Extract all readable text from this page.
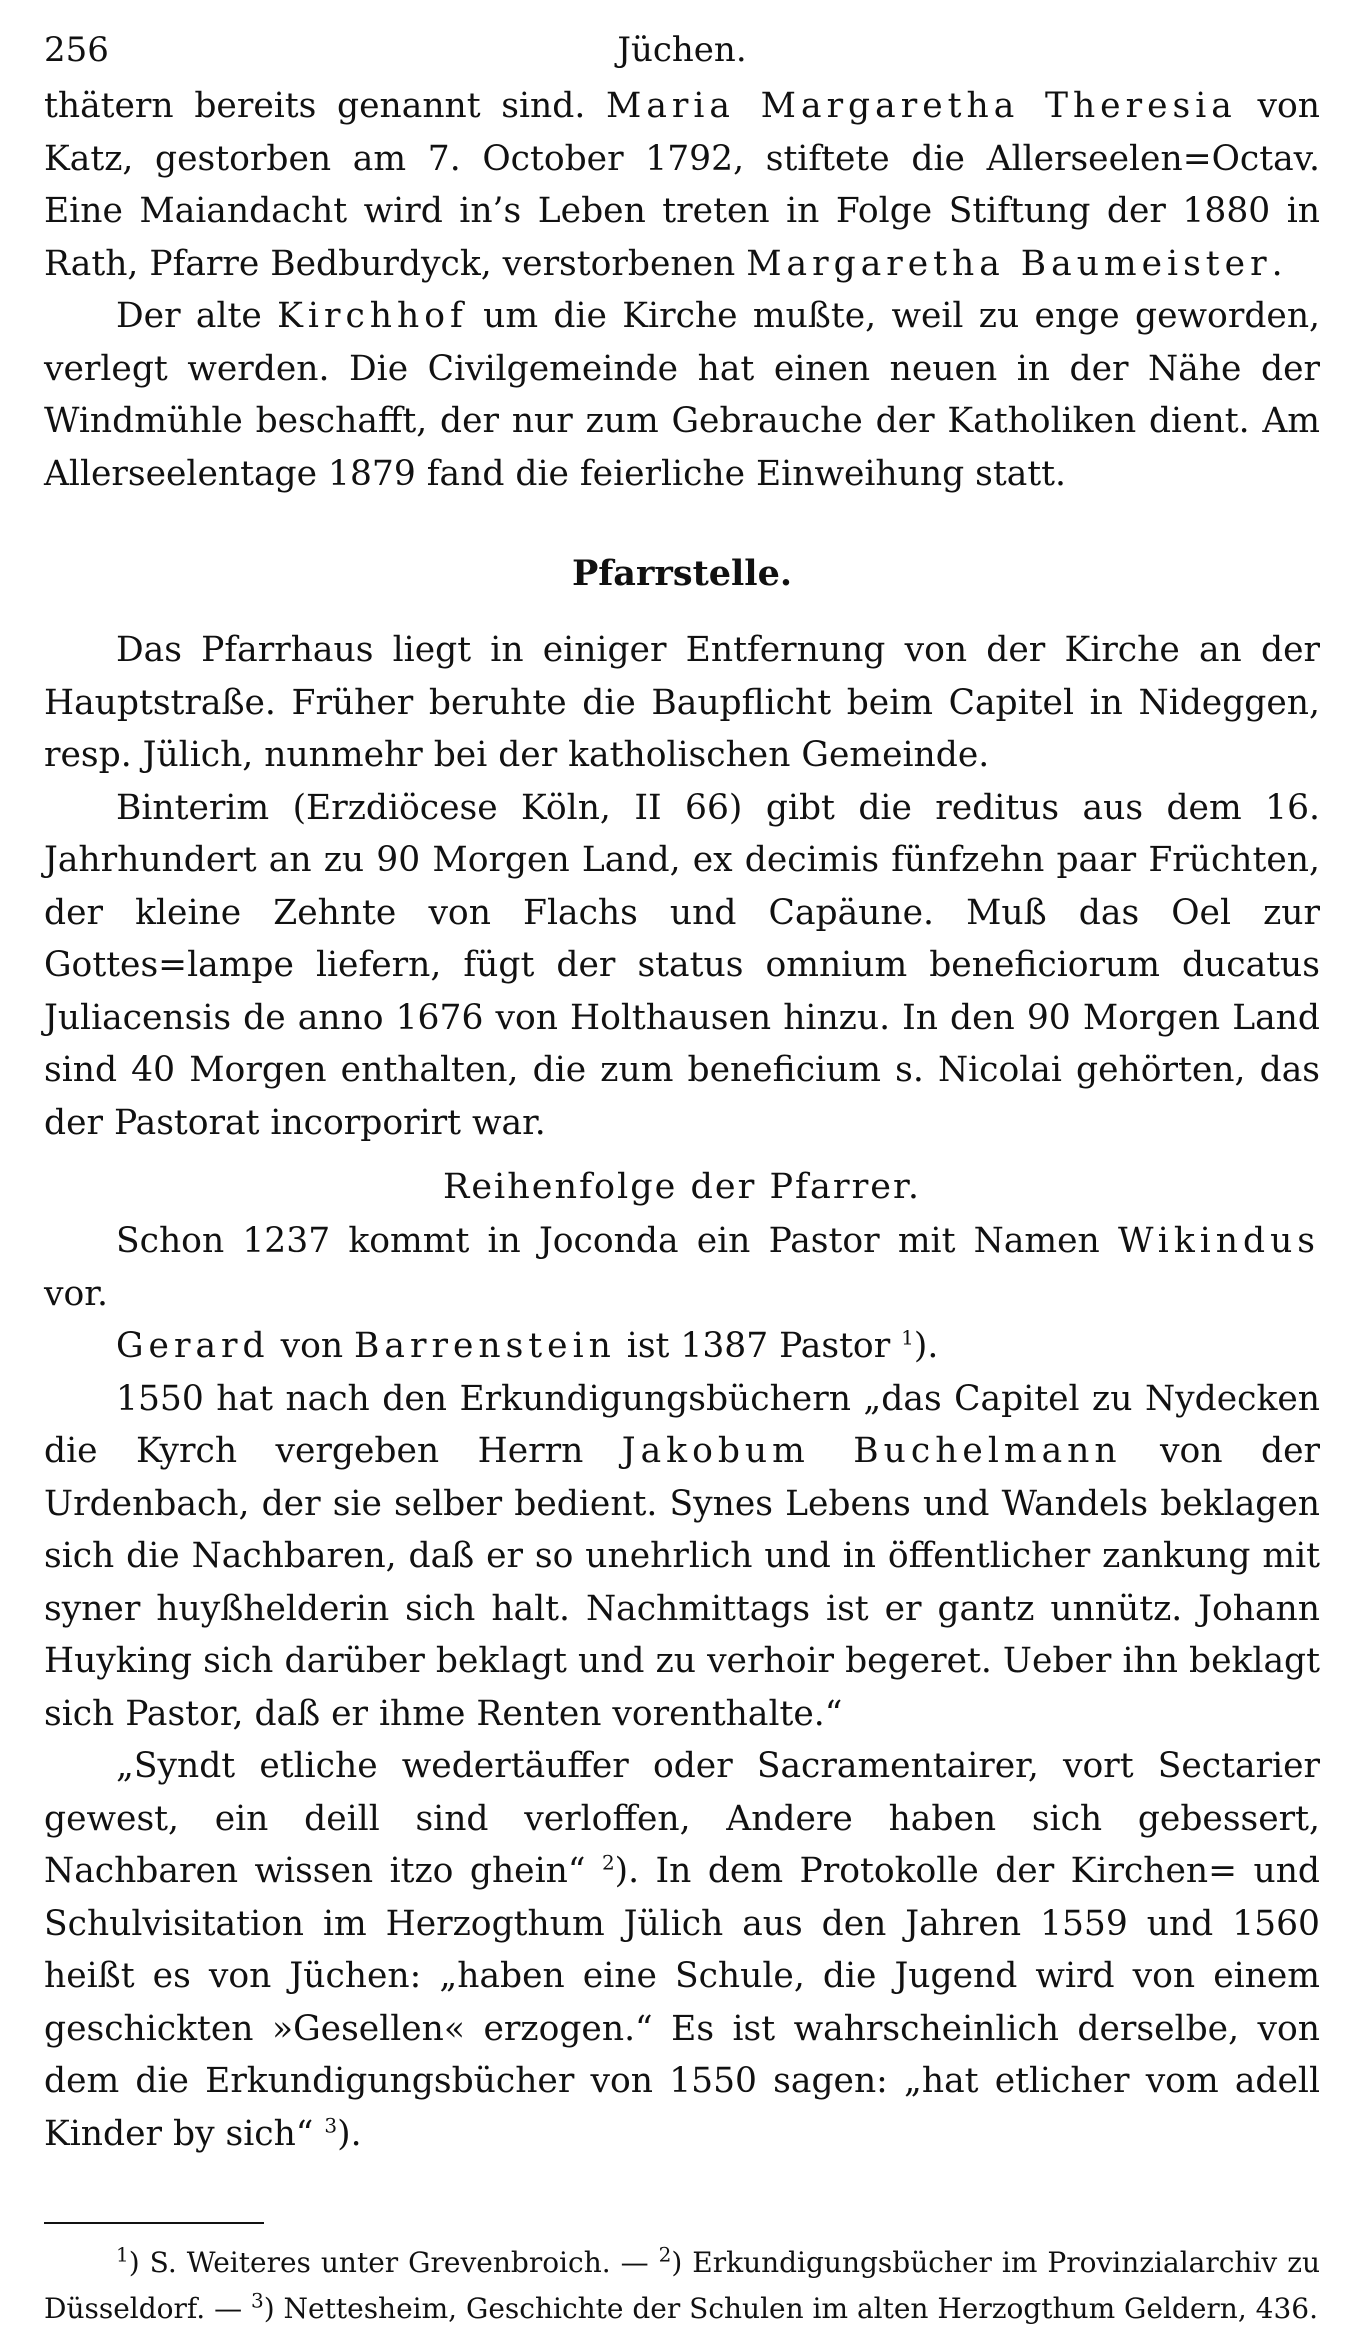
256	Jüchen.

thätern bereits genannt sind. Maria Margaretha Theresia von Katz, gestorben am 7. October 1792, stiftete die Allerseelen=Octav. Eine Maiandacht wird in’s Leben treten in Folge Stiftung der 1880 in Rath, Pfarre Bedburdyck, verstorbenen Margaretha Baumeister.

Der alte Kirchhof um die Kirche mußte, weil zu enge geworden, verlegt werden. Die Civilgemeinde hat einen neuen in der Nähe der Windmühle beschafft, der nur zum Gebrauche der Katholiken dient. Am Allerseelentage 1879 fand die feierliche Einweihung statt.

Pfarrstelle.

Das Pfarrhaus liegt in einiger Entfernung von der Kirche an der Hauptstraße. Früher beruhte die Baupflicht beim Capitel in Nideggen, resp. Jülich, nunmehr bei der katholischen Gemeinde.

Binterim (Erzdiöcese Köln, II 66) gibt die reditus aus dem 16. Jahrhundert an zu 90 Morgen Land, ex decimis fünfzehn paar Früchten, der kleine Zehnte von Flachs und Capäune. Muß das Oel zur Gottes=lampe liefern, fügt der status omnium beneficiorum ducatus Juliacensis de anno 1676 von Holthausen hinzu. In den 90 Morgen Land sind 40 Morgen enthalten, die zum beneficium s. Nicolai gehörten, das der Pastorat incorporirt war.

Reihenfolge der Pfarrer.

Schon 1237 kommt in Joconda ein Pastor mit Namen Wikindus vor.

Gerard von Barrenstein ist 1387 Pastor $^1$).

1550 hat nach den Erkundigungsbüchern „das Capitel zu Nydecken die Kyrch vergeben Herrn Jakobum Buchelmann von der Urdenbach, der sie selber bedient. Synes Lebens und Wandels beklagen sich die Nachbaren, daß er so unehrlich und in öffentlicher zankung mit syner huyßhelderin sich halt. Nachmittags ist er gantz unnütz. Johann Huyking sich darüber beklagt und zu verhoir begeret. Ueber ihn beklagt sich Pastor, daß er ihme Renten vorenthalte.“

„Syndt etliche wedertäuffer oder Sacramentairer, vort Sectarier gewest, ein deill sind verloffen, Andere haben sich gebessert, Nachbaren wissen itzo ghein“ $^2$). In dem Protokolle der Kirchen= und Schulvisitation im Herzogthum Jülich aus den Jahren 1559 und 1560 heißt es von Jüchen: „haben eine Schule, die Jugend wird von einem geschickten »Gesellen« erzogen.“ Es ist wahrscheinlich derselbe, von dem die Erkundigungsbücher von 1550 sagen: „hat etlicher vom adell Kinder by sich“ $^3$).

$^1$) S. Weiteres unter Grevenbroich. — $^2$) Erkundigungsbücher im Provinzialarchiv zu Düsseldorf. — $^3$) Nettesheim, Geschichte der Schulen im alten Herzogthum Geldern, 436.
